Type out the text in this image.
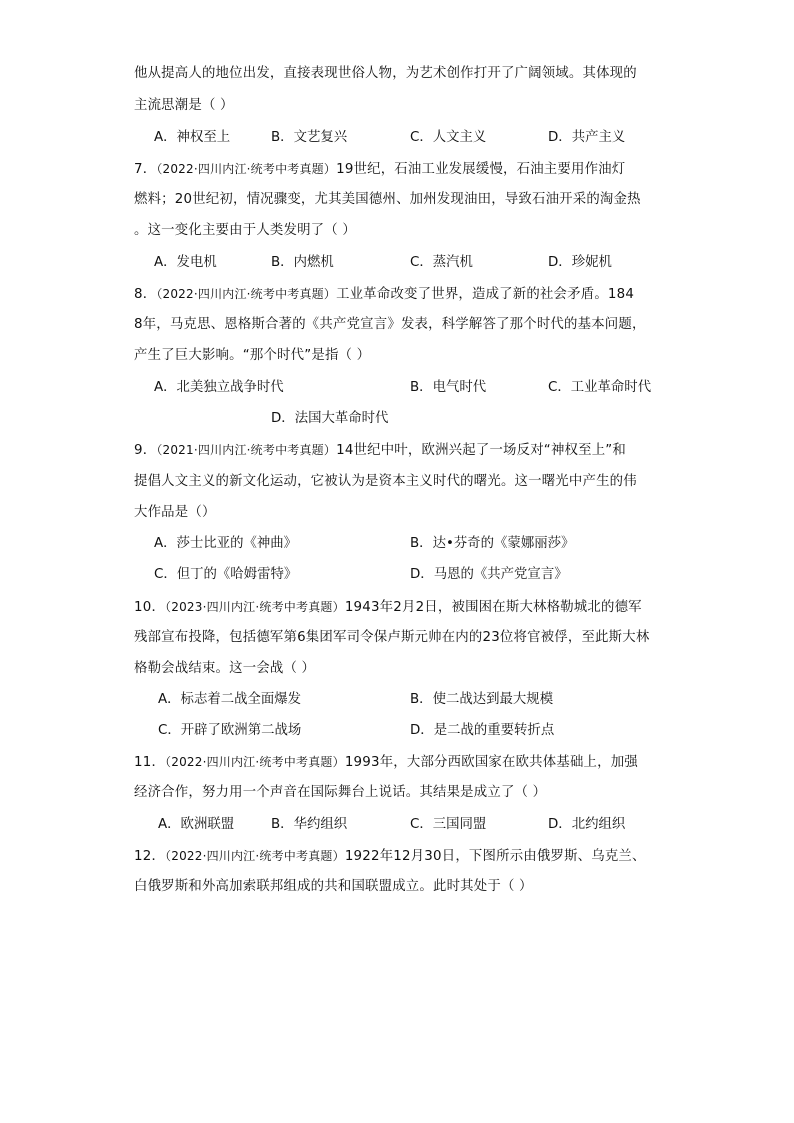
他从提高人的地位出发，直接表现世俗人物，为艺术创作打开了广阔领域。其体现的
主流思潮是（ ）
A．神权至上	B．文艺复兴	C．人文主义	D．共产主义
7．（2022·四川内江·统考中考真题）19世纪，石油工业发展缓慢，石油主要用作油灯
燃料；20世纪初，情况骤变，尤其美国德州、加州发现油田，导致石油开采的淘金热
。这一变化主要由于人类发明了（ ）
A．发电机	B．内燃机	C．蒸汽机	D．珍妮机
8．（2022·四川内江·统考中考真题）工业革命改变了世界，造成了新的社会矛盾。184
8年，马克思、恩格斯合著的《共产党宣言》发表，科学解答了那个时代的基本问题，
产生了巨大影响。“那个时代”是指（ ）
A．北美独立战争时代	B．电气时代	C．工业革命时代
D．法国大革命时代
9．（2021·四川内江·统考中考真题）14世纪中叶，欧洲兴起了一场反对“神权至上”和
提倡人文主义的新文化运动，它被认为是资本主义时代的曙光。这一曙光中产生的伟
大作品是（）
A．莎士比亚的《神曲》	B．达•芬奇的《蒙娜丽莎》
C．但丁的《哈姆雷特》	D．马恩的《共产党宣言》
10．（2023·四川内江·统考中考真题）1943年2月2日，被围困在斯大林格勒城北的德军
残部宣布投降，包括德军第6集团军司令保卢斯元帅在内的23位将官被俘，至此斯大林
格勒会战结束。这一会战（ ）
A．标志着二战全面爆发	B．使二战达到最大规模
C．开辟了欧洲第二战场	D．是二战的重要转折点
11．（2022·四川内江·统考中考真题）1993年，大部分西欧国家在欧共体基础上，加强
经济合作，努力用一个声音在国际舞台上说话。其结果是成立了（ ）
A．欧洲联盟	B．华约组织	C．三国同盟	D．北约组织
12．（2022·四川内江·统考中考真题）1922年12月30日，下图所示由俄罗斯、乌克兰、
白俄罗斯和外高加索联邦组成的共和国联盟成立。此时其处于（ ）
